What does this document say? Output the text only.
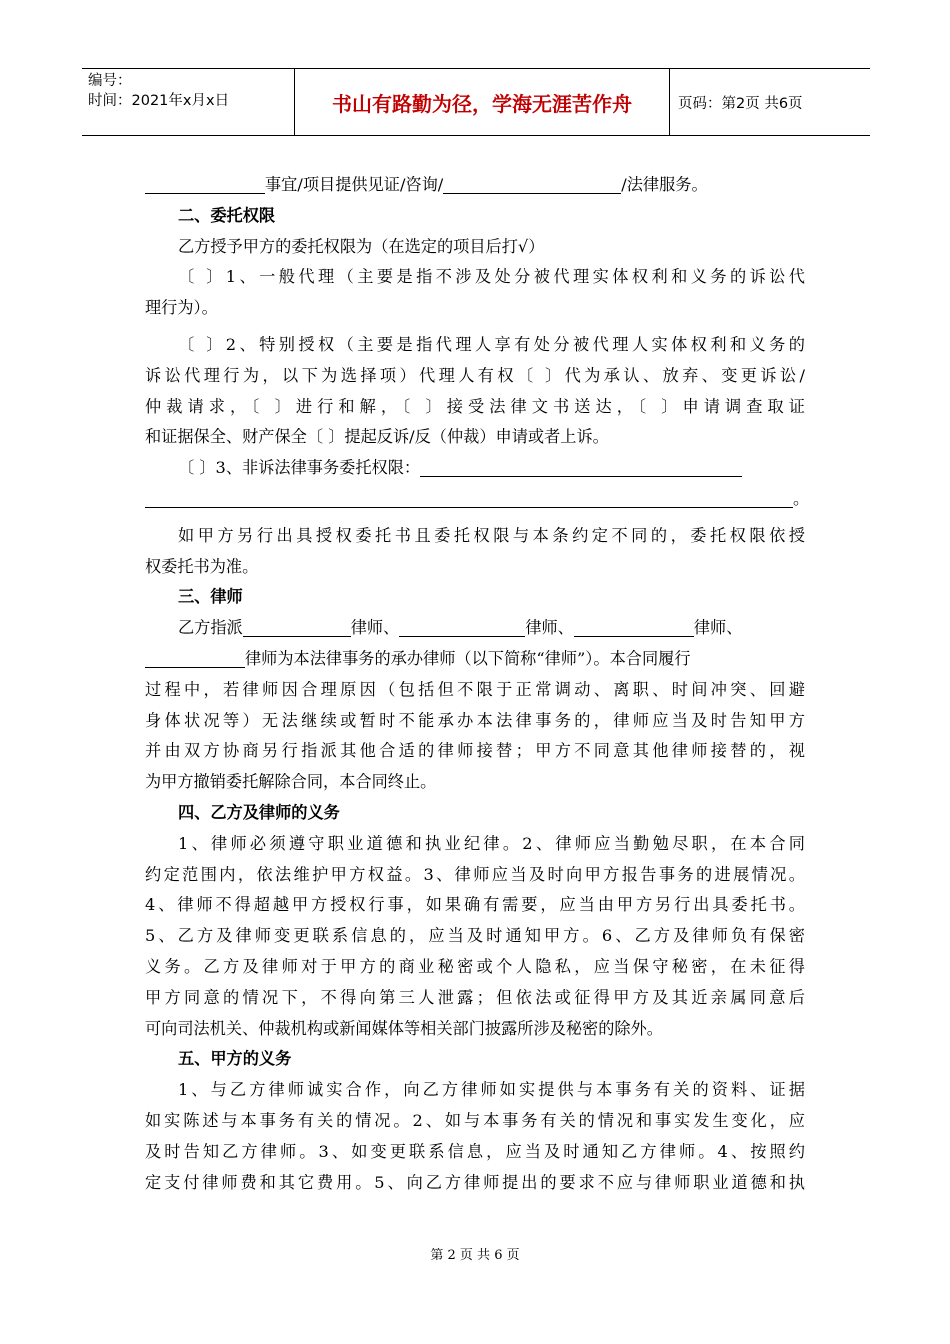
编号：
时间：2021年x月x日	书山有路勤为径，学海无涯苦作舟	页码：第2页 共6页
事宜/项目提供见证/咨询/	/法律服务。
二、委托权限
乙方授予甲方的委托权限为（在选定的项目后打√）
〔 〕1、一般代理（主要是指不涉及处分被代理实体权利和义务的诉讼代
理行为）。
〔 〕2、特别授权（主要是指代理人享有处分被代理人实体权利和义务的
诉讼代理行为，以下为选择项）代理人有权〔 〕代为承认、放弃、变更诉讼/
仲裁请求，〔 〕进行和解，〔 〕接受法律文书送达，〔 〕申请调查取证
和证据保全、财产保全〔 〕提起反诉/反（仲裁）申请或者上诉。
〔 〕3、非诉法律事务委托权限：
。
如甲方另行出具授权委托书且委托权限与本条约定不同的，委托权限依授
权委托书为准。
三、律师
乙方指派	律师、	律师、	律师、
律师为本法律事务的承办律师（以下简称“律师”）。本合同履行
过程中，若律师因合理原因（包括但不限于正常调动、离职、时间冲突、回避
身体状况等）无法继续或暂时不能承办本法律事务的，律师应当及时告知甲方
并由双方协商另行指派其他合适的律师接替；甲方不同意其他律师接替的，视
为甲方撤销委托解除合同，本合同终止。
四、乙方及律师的义务
1、律师必须遵守职业道德和执业纪律。2、律师应当勤勉尽职，在本合同
约定范围内，依法维护甲方权益。3、律师应当及时向甲方报告事务的进展情况。
4、律师不得超越甲方授权行事，如果确有需要，应当由甲方另行出具委托书。
5、乙方及律师变更联系信息的，应当及时通知甲方。6、乙方及律师负有保密
义务。乙方及律师对于甲方的商业秘密或个人隐私，应当保守秘密，在未征得
甲方同意的情况下，不得向第三人泄露；但依法或征得甲方及其近亲属同意后
可向司法机关、仲裁机构或新闻媒体等相关部门披露所涉及秘密的除外。
五、甲方的义务
1、与乙方律师诚实合作，向乙方律师如实提供与本事务有关的资料、证据
如实陈述与本事务有关的情况。2、如与本事务有关的情况和事实发生变化，应
及时告知乙方律师。3、如变更联系信息，应当及时通知乙方律师。4、按照约
定支付律师费和其它费用。5、向乙方律师提出的要求不应与律师职业道德和执
第 2 页 共 6 页
